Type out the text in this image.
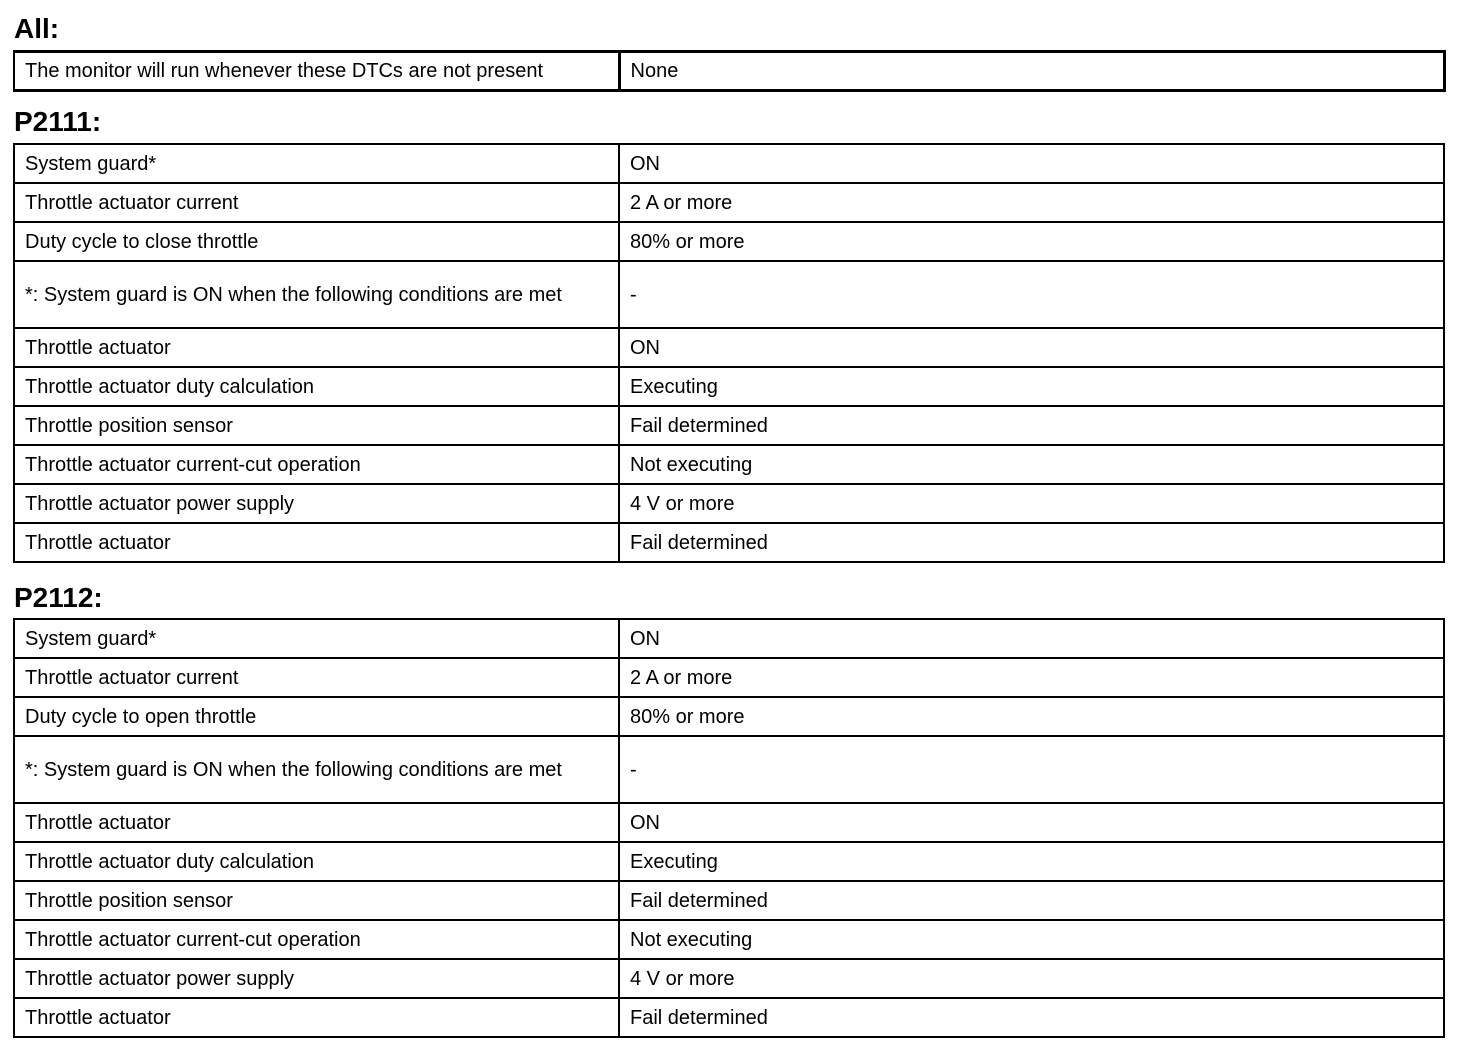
All:
The monitor will run whenever these DTCs are not present	None
P2111:
System guard*	ON
Throttle actuator current	2 A or more
Duty cycle to close throttle	80% or more
*: System guard is ON when the following conditions are met	-
Throttle actuator	ON
Throttle actuator duty calculation	Executing
Throttle position sensor	Fail determined
Throttle actuator current-cut operation	Not executing
Throttle actuator power supply	4 V or more
Throttle actuator	Fail determined
P2112:
System guard*	ON
Throttle actuator current	2 A or more
Duty cycle to open throttle	80% or more
*: System guard is ON when the following conditions are met	-
Throttle actuator	ON
Throttle actuator duty calculation	Executing
Throttle position sensor	Fail determined
Throttle actuator current-cut operation	Not executing
Throttle actuator power supply	4 V or more
Throttle actuator	Fail determined
